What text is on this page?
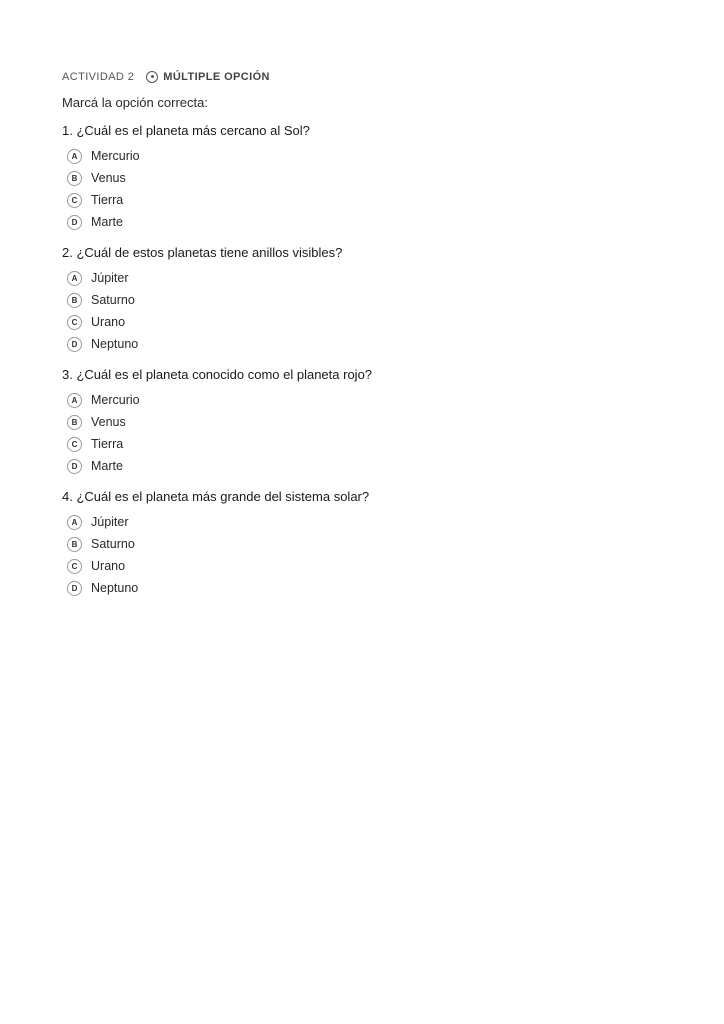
ACTIVIDAD 2	MÚLTIPLE OPCIÓN
Marcá la opción correcta:
1. ¿Cuál es el planeta más cercano al Sol?
A	Mercurio
B	Venus
C	Tierra
D	Marte
2. ¿Cuál de estos planetas tiene anillos visibles?
A	Júpiter
B	Saturno
C	Urano
D	Neptuno
3. ¿Cuál es el planeta conocido como el planeta rojo?
A	Mercurio
B	Venus
C	Tierra
D	Marte
4. ¿Cuál es el planeta más grande del sistema solar?
A	Júpiter
B	Saturno
C	Urano
D	Neptuno
